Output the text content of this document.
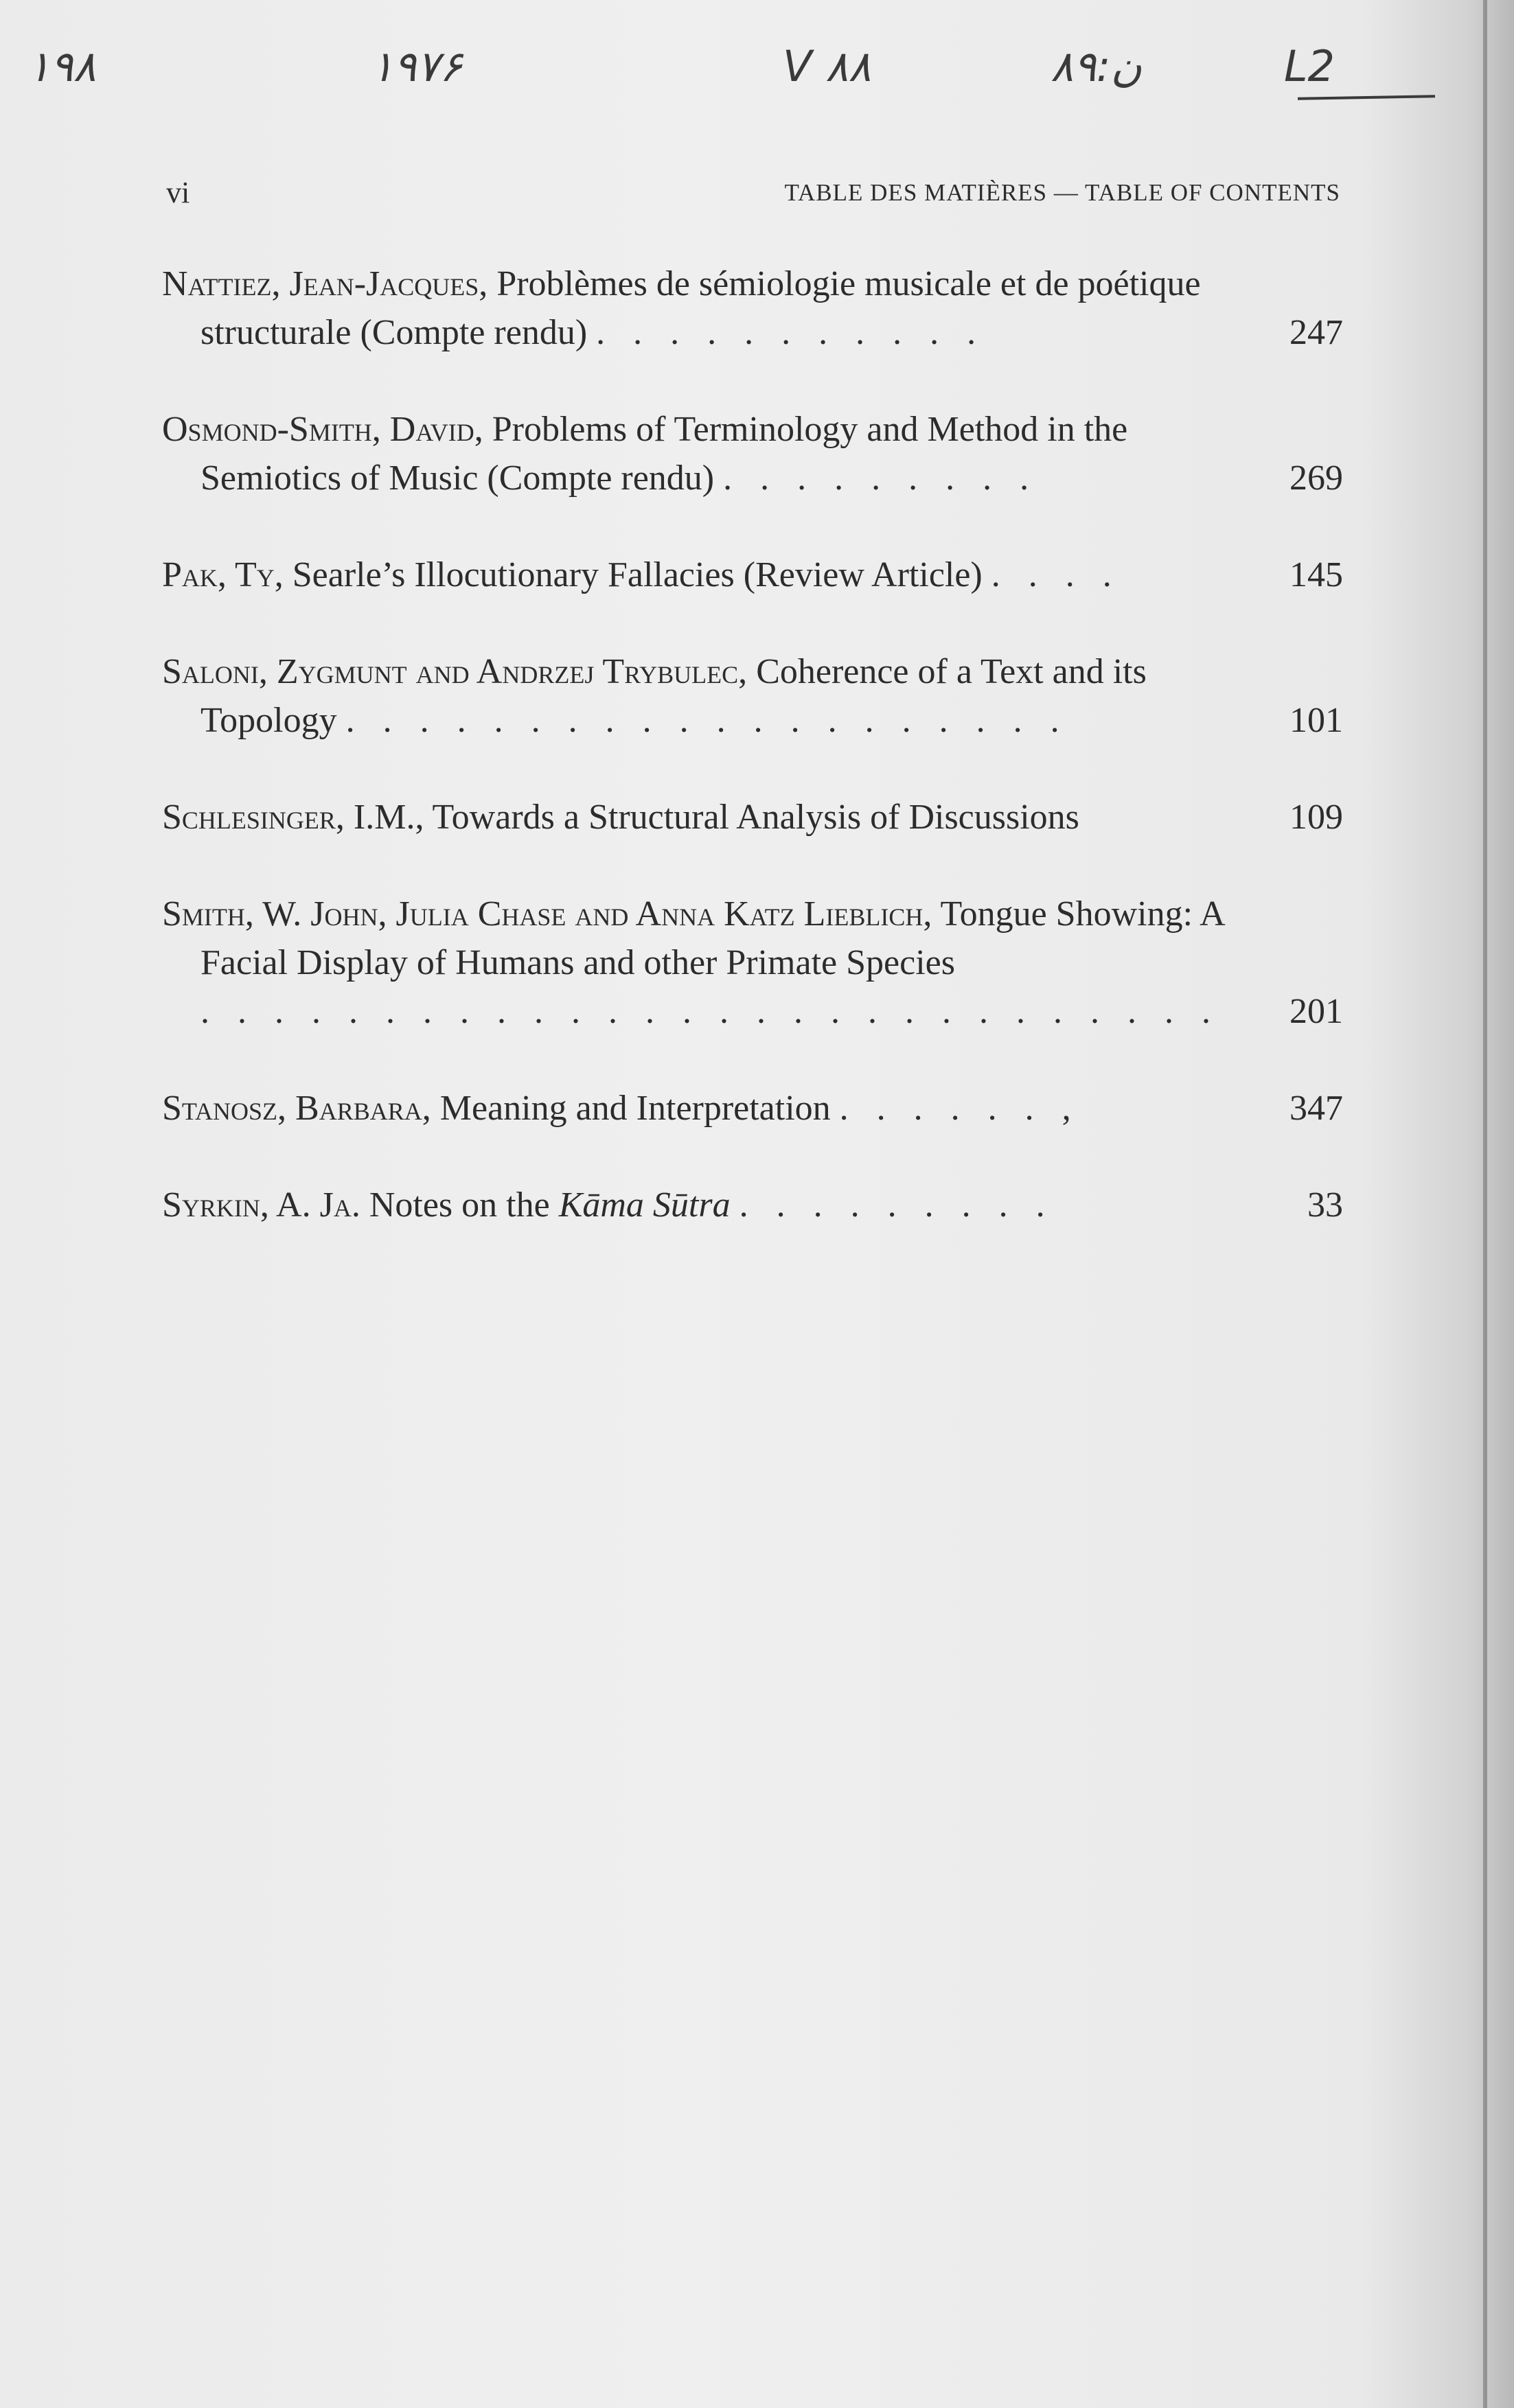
۱۹۸	۱۹۷۶	V ۸۸	ن:۸۹	L2
vi	TABLE DES MATIÈRES — TABLE OF CONTENTS
Nattiez, Jean-Jacques, Problèmes de sémiologie musicale et de poétique structurale (Compte rendu) . . . . . . . . . . .	247
Osmond-Smith, David, Problems of Terminology and Method in the Semiotics of Music (Compte rendu) . . . . . . . . .	269
Pak, Ty, Searle’s Illocutionary Fallacies (Review Article) . . . .	145
Saloni, Zygmunt and Andrzej Trybulec, Coherence of a Text and its Topology . . . . . . . . . . . . . . . . . . . .	101
Schlesinger, I.M., Towards a Structural Analysis of Discussions	109
Smith, W. John, Julia Chase and Anna Katz Lieblich, Tongue Showing: A Facial Display of Humans and other Primate Species . . . . . . . . . . . . . . . . . . . . . . . . . . . .	201
Stanosz, Barbara, Meaning and Interpretation . . . . . . ,	347
Syrkin, A. Ja. Notes on the Kāma Sūtra . . . . . . . . .	33
